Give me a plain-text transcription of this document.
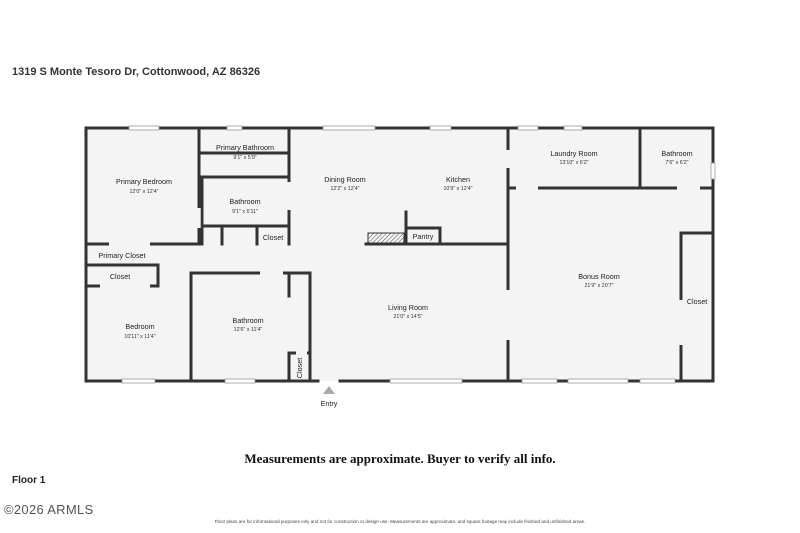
1319 S Monte Tesoro Dr, Cottonwood, AZ 86326
Entry
Primary Bedroom
12'0" x 12'4"
Primary Bathroom
9'1" x 5'0"
Bathroom
9'1" x 6'11"
Closet
Dining Room
12'2" x 12'4"
Kitchen
10'9" x 12'4"
Pantry
Laundry Room
13'10" x 6'2"
Bathroom
7'6" x 6'2"
Primary Closet
Closet
Bedroom
10'11" x 11'4"
Bathroom
12'6" x 11'4"
Closet
Living Room
21'0" x 14'5"
Bonus Room
21'9" x 20'7"
Closet
Measurements are approximate. Buyer to verify all info.
Floor 1
©2026 ARMLS
Floor plans are for informational purposes only and not for construction or design use. Measurements are approximate, and square footage may include finished and unfinished areas.
